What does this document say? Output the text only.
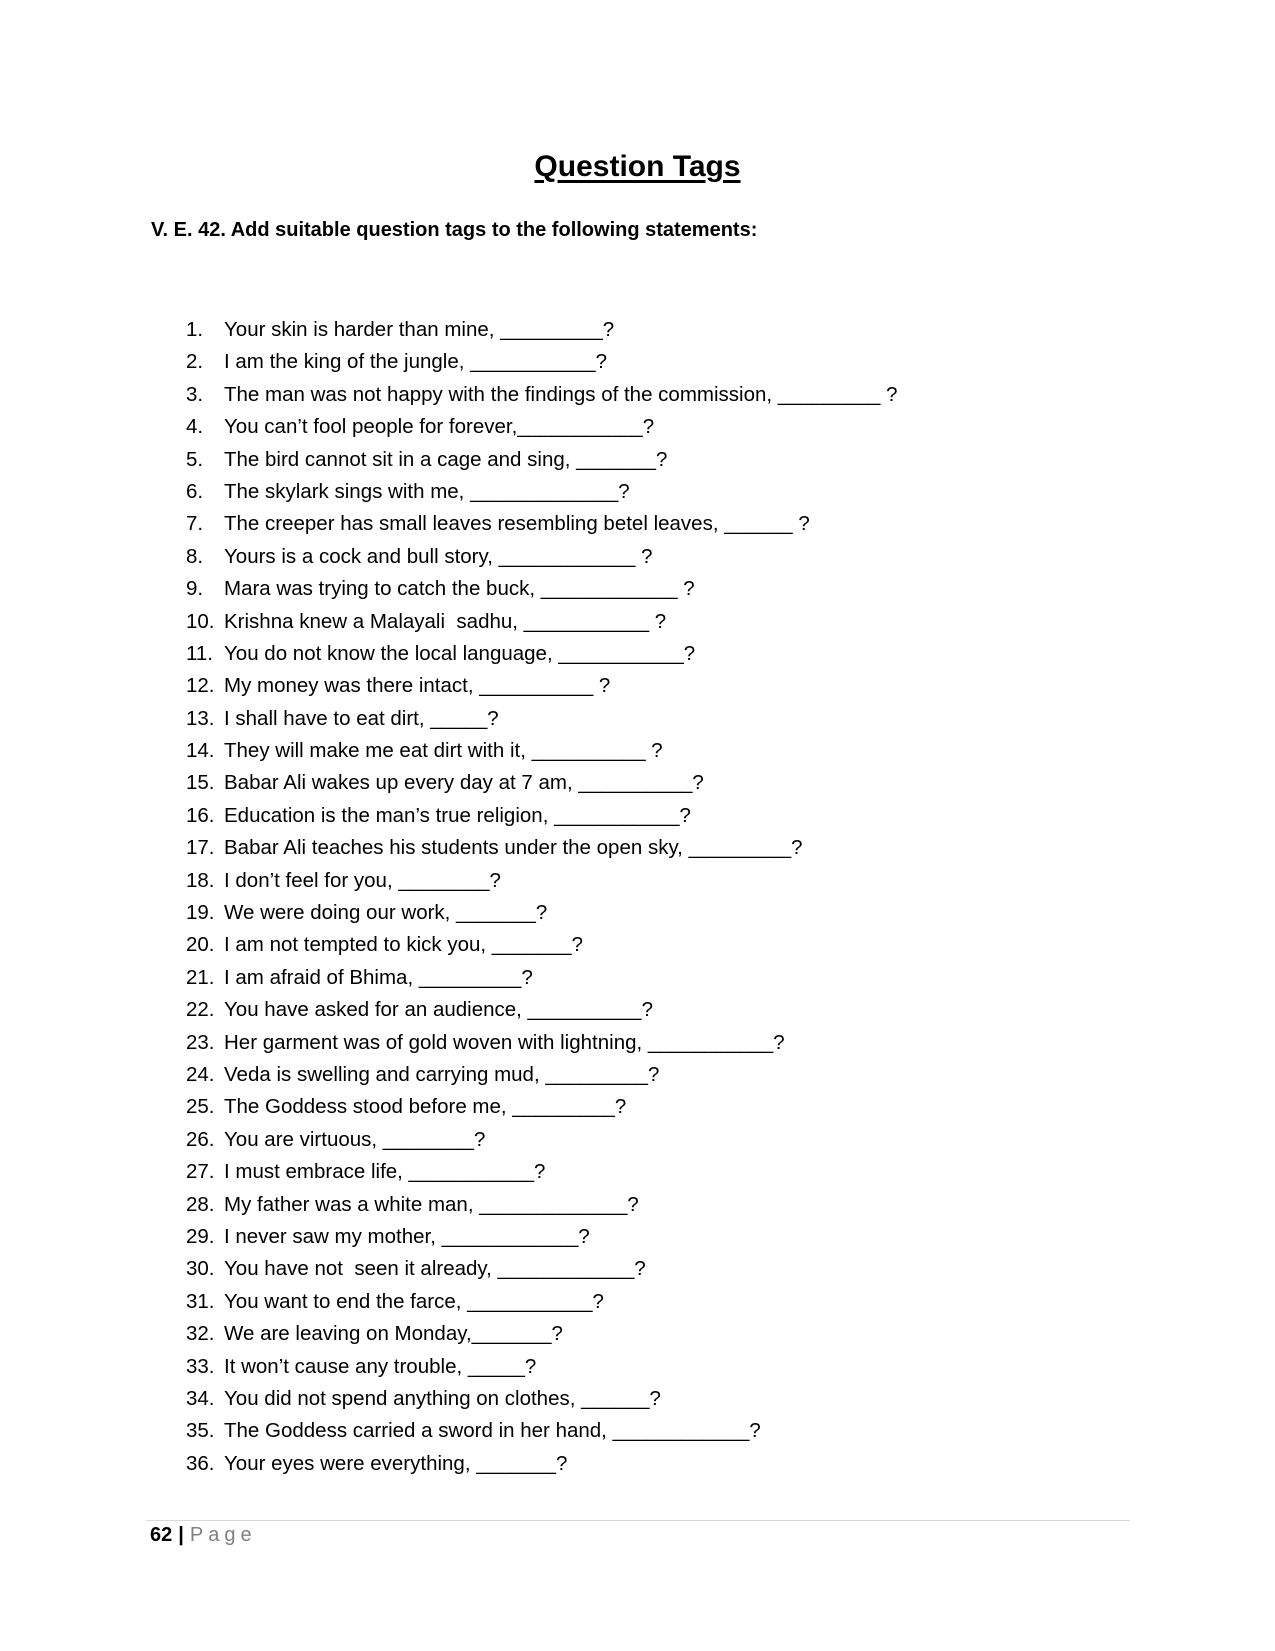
Question Tags

V. E. 42. Add suitable question tags to the following statements:

1. Your skin is harder than mine, _________?
2. I am the king of the jungle, ___________?
3. The man was not happy with the findings of the commission, _________ ?
4. You can’t fool people for forever,___________?
5. The bird cannot sit in a cage and sing, _______?
6. The skylark sings with me, _____________?
7. The creeper has small leaves resembling betel leaves, ______ ?
8. Yours is a cock and bull story, ____________ ?
9. Mara was trying to catch the buck, ____________ ?
10. Krishna knew a Malayali  sadhu, ___________ ?
11. You do not know the local language, ___________?
12. My money was there intact, __________ ?
13. I shall have to eat dirt, _____?
14. They will make me eat dirt with it, __________ ?
15. Babar Ali wakes up every day at 7 am, __________?
16. Education is the man’s true religion, ___________?
17. Babar Ali teaches his students under the open sky, _________?
18. I don’t feel for you, ________?
19. We were doing our work, _______?
20. I am not tempted to kick you, _______?
21. I am afraid of Bhima, _________?
22. You have asked for an audience, __________?
23. Her garment was of gold woven with lightning, ___________?
24. Veda is swelling and carrying mud, _________?
25. The Goddess stood before me, _________?
26. You are virtuous, ________?
27. I must embrace life, ___________?
28. My father was a white man, _____________?
29. I never saw my mother, ____________?
30. You have not  seen it already, ____________?
31. You want to end the farce, ___________?
32. We are leaving on Monday,_______?
33. It won’t cause any trouble, _____?
34. You did not spend anything on clothes, ______?
35. The Goddess carried a sword in her hand, ____________?
36. Your eyes were everything, _______?
62 | Page
